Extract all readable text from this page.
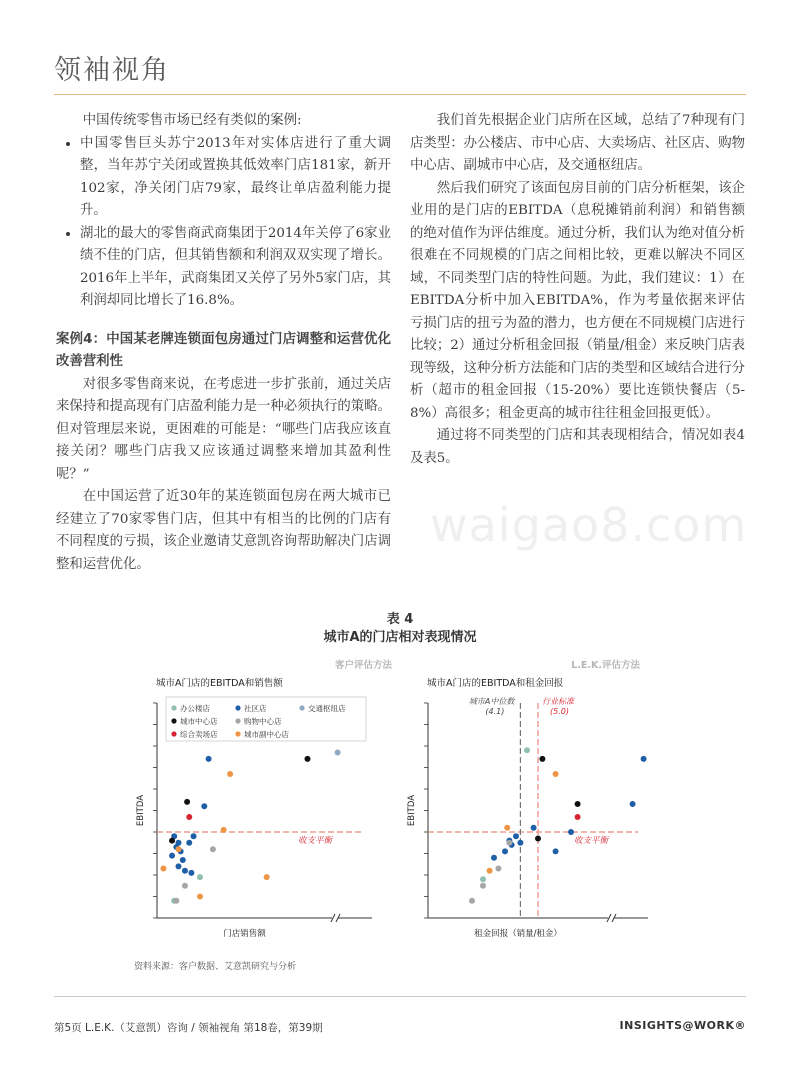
领袖视角

中国传统零售市场已经有类似的案例:

• 中国零售巨头苏宁2013年对实体店进行了重大调整，当年苏宁关闭或置换其低效率门店181家，新开102家，净关闭门店79家，最终让单店盈利能力提升。
• 湖北的最大的零售商武商集团于2014年关停了6家业绩不佳的门店，但其销售额和利润双双实现了增长。2016年上半年，武商集团又关停了另外5家门店，其利润却同比增长了16.8%。

案例4：中国某老牌连锁面包房通过门店调整和运营优化改善营利性

对很多零售商来说，在考虑进一步扩张前，通过关店来保持和提高现有门店盈利能力是一种必须执行的策略。但对管理层来说，更困难的可能是：“哪些门店我应该直接关闭？哪些门店我又应该通过调整来增加其盈利性呢？”

在中国运营了近30年的某连锁面包房在两大城市已经建立了70家零售门店，但其中有相当的比例的门店有不同程度的亏损，该企业邀请艾意凯咨询帮助解决门店调整和运营优化。

我们首先根据企业门店所在区域，总结了7种现有门店类型：办公楼店、市中心店、大卖场店、社区店、购物中心店、副城市中心店，及交通枢纽店。

然后我们研究了该面包房目前的门店分析框架，该企业用的是门店的EBITDA（息税摊销前利润）和销售额的绝对值作为评估维度。通过分析，我们认为绝对值分析很难在不同规模的门店之间相比较，更难以解决不同区域，不同类型门店的特性问题。为此，我们建议：1）在EBITDA分析中加入EBITDA%，作为考量依据来评估亏损门店的扭亏为盈的潜力，也方便在不同规模门店进行比较；2）通过分析租金回报（销量/租金）来反映门店表现等级，这种分析方法能和门店的类型和区域结合进行分析（超市的租金回报（15-20%）要比连锁快餐店（5-8%）高很多；租金更高的城市往往租金回报更低）。

通过将不同类型的门店和其表现相结合，情况如表4及表5。

waigao8.com
表 4
城市A的门店相对表现情况
客户评估方法
城市A门店的EBITDA和销售额
门店销售额
EBITDA
收支平衡
办公楼店	社区店	交通枢纽店
城市中心店	购物中心店
综合卖场店	城市副中心店
L.E.K.评估方法
城市A门店的EBITDA和租金回报
租金回报（销量/租金）
EBITDA
收支平衡
城市A中位数
(4.1)
行业标准
(5.0)
资料来源：客户数据、艾意凯研究与分析
第5页 L.E.K.（艾意凯）咨询 / 领袖视角 第18卷，第39期	INSIGHTS@WORK®
